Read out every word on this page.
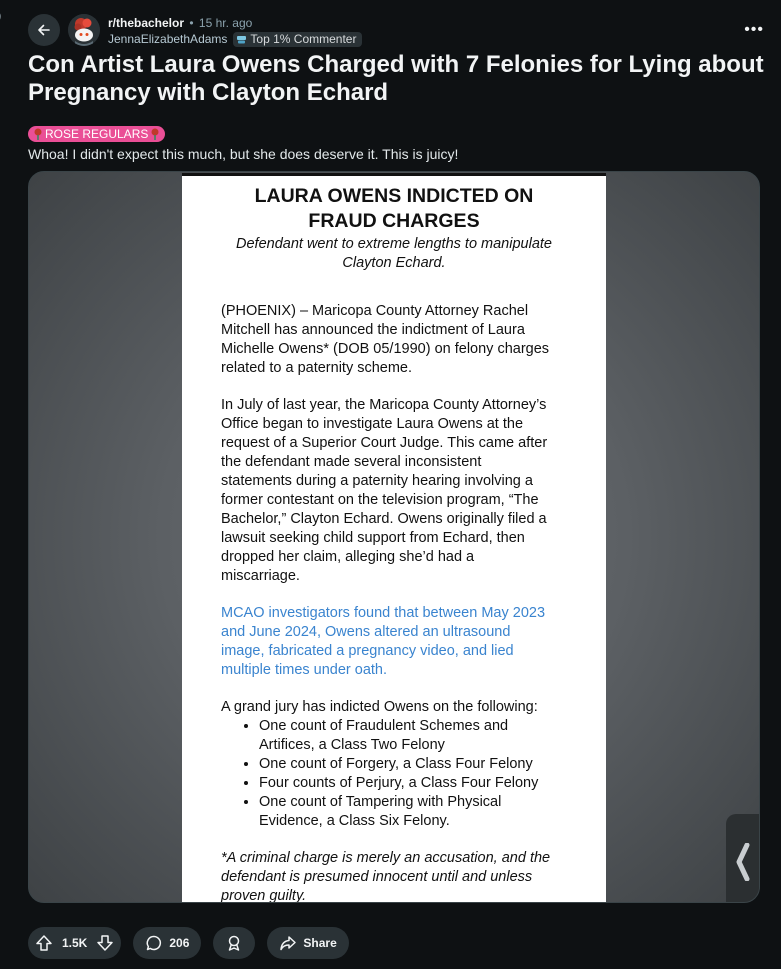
r/thebachelor • 15 hr. ago
JennaElizabethAdams Top 1% Commenter
•••
Con Artist Laura Owens Charged with 7 Felonies for Lying about Pregnancy with Clayton Echard
ROSE REGULARS

Whoa! I didn't expect this much, but she does deserve it. This is juicy!

LAURA OWENS INDICTED ON
FRAUD CHARGES
Defendant went to extreme lengths to manipulate
Clayton Echard.
(PHOENIX) – Maricopa County Attorney Rachel
Mitchell has announced the indictment of Laura
Michelle Owens* (DOB 05/1990) on felony charges
related to a paternity scheme.
In July of last year, the Maricopa County Attorney’s
Office began to investigate Laura Owens at the
request of a Superior Court Judge. This came after
the defendant made several inconsistent
statements during a paternity hearing involving a
former contestant on the television program, “The
Bachelor,” Clayton Echard. Owens originally filed a
lawsuit seeking child support from Echard, then
dropped her claim, alleging she’d had a
miscarriage.
MCAO investigators found that between May 2023
and June 2024, Owens altered an ultrasound
image, fabricated a pregnancy video, and lied
multiple times under oath.
A grand jury has indicted Owens on the following:
• One count of Fraudulent Schemes and
Artifices, a Class Two Felony
• One count of Forgery, a Class Four Felony
• Four counts of Perjury, a Class Four Felony
• One count of Tampering with Physical
Evidence, a Class Six Felony.
*A criminal charge is merely an accusation, and the
defendant is presumed innocent until and unless
proven guilty.
1.5K	206	Share
